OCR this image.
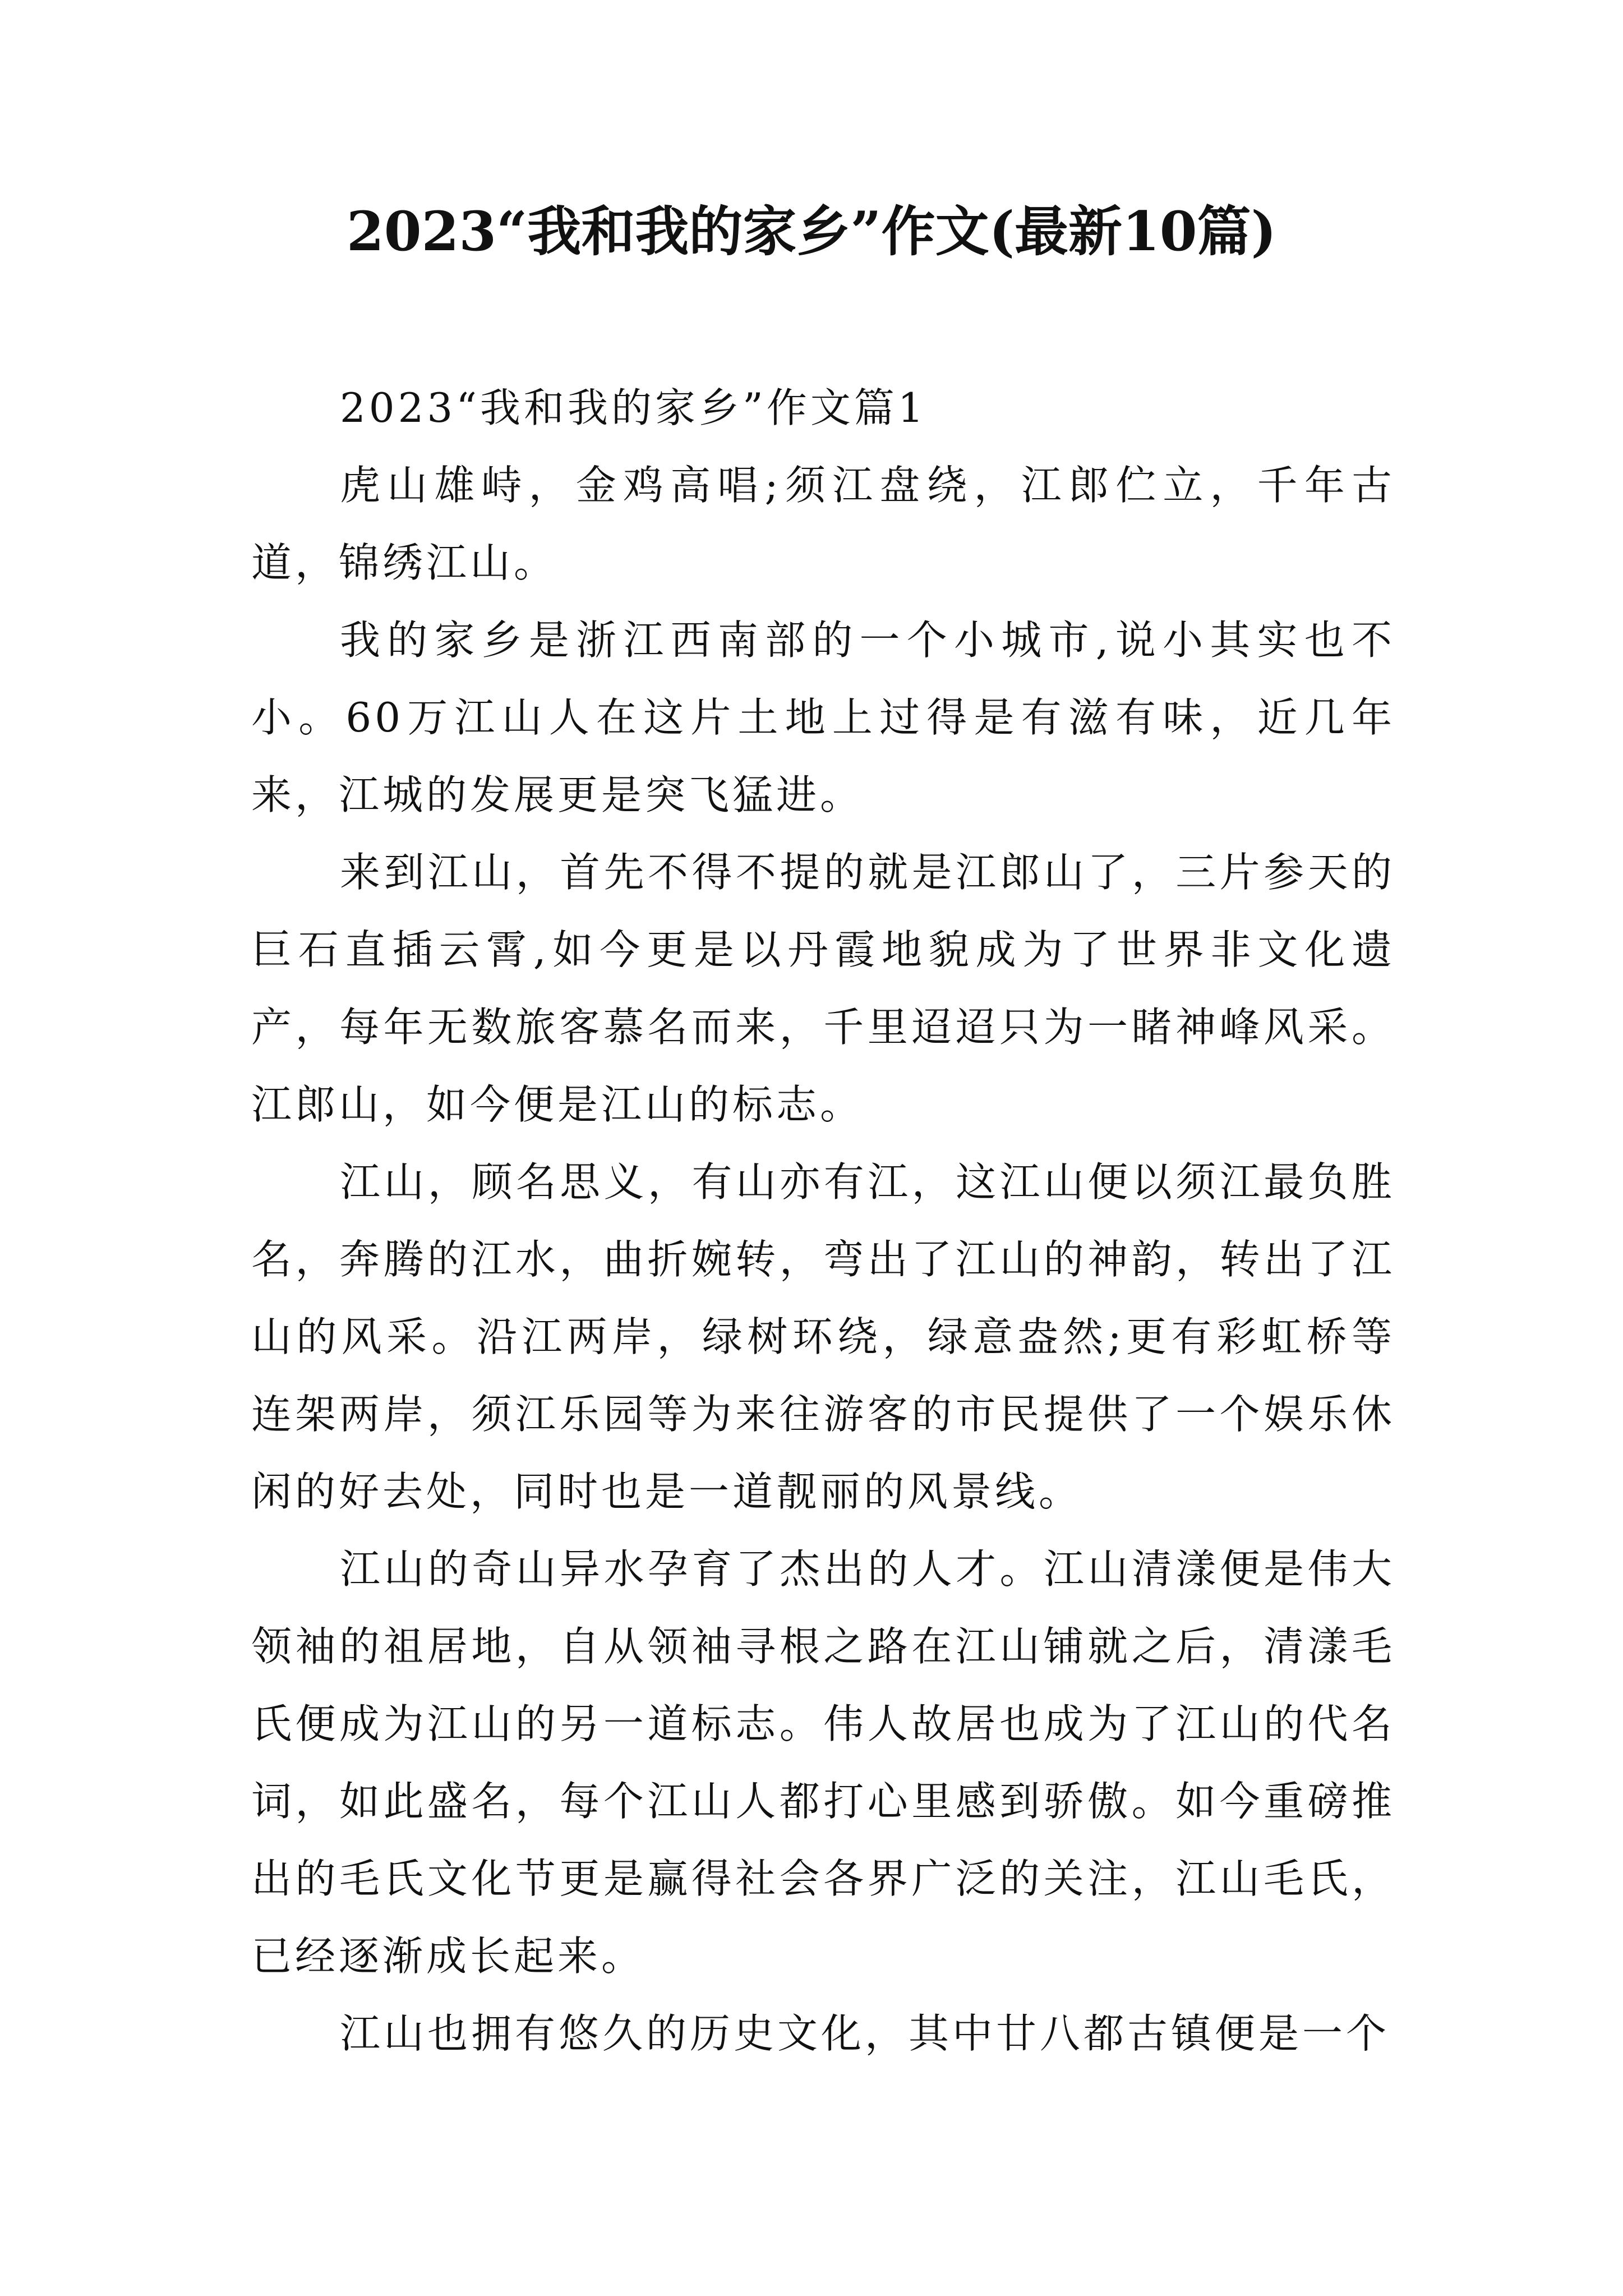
2023“我和我的家乡”作文(最新10篇)
2023“我和我的家乡”作文篇1

虎山雄峙，金鸡高唱;须江盘绕，江郎伫立，千年古道，锦绣江山。

我的家乡是浙江西南部的一个小城市,说小其实也不小。60万江山人在这片土地上过得是有滋有味，近几年来，江城的发展更是突飞猛进。

来到江山，首先不得不提的就是江郎山了，三片参天的巨石直插云霄,如今更是以丹霞地貌成为了世界非文化遗产，每年无数旅客慕名而来，千里迢迢只为一睹神峰风采。江郎山，如今便是江山的标志。

江山，顾名思义，有山亦有江，这江山便以须江最负胜名，奔腾的江水，曲折婉转，弯出了江山的神韵，转出了江山的风采。沿江两岸，绿树环绕，绿意盎然;更有彩虹桥等连架两岸，须江乐园等为来往游客的市民提供了一个娱乐休闲的好去处，同时也是一道靓丽的风景线。

江山的奇山异水孕育了杰出的人才。江山清漾便是伟大领袖的祖居地，自从领袖寻根之路在江山铺就之后，清漾毛氏便成为江山的另一道标志。伟人故居也成为了江山的代名词，如此盛名，每个江山人都打心里感到骄傲。如今重磅推出的毛氏文化节更是赢得社会各界广泛的关注，江山毛氏，已经逐渐成长起来。

江山也拥有悠久的历史文化，其中廿八都古镇便是一个
